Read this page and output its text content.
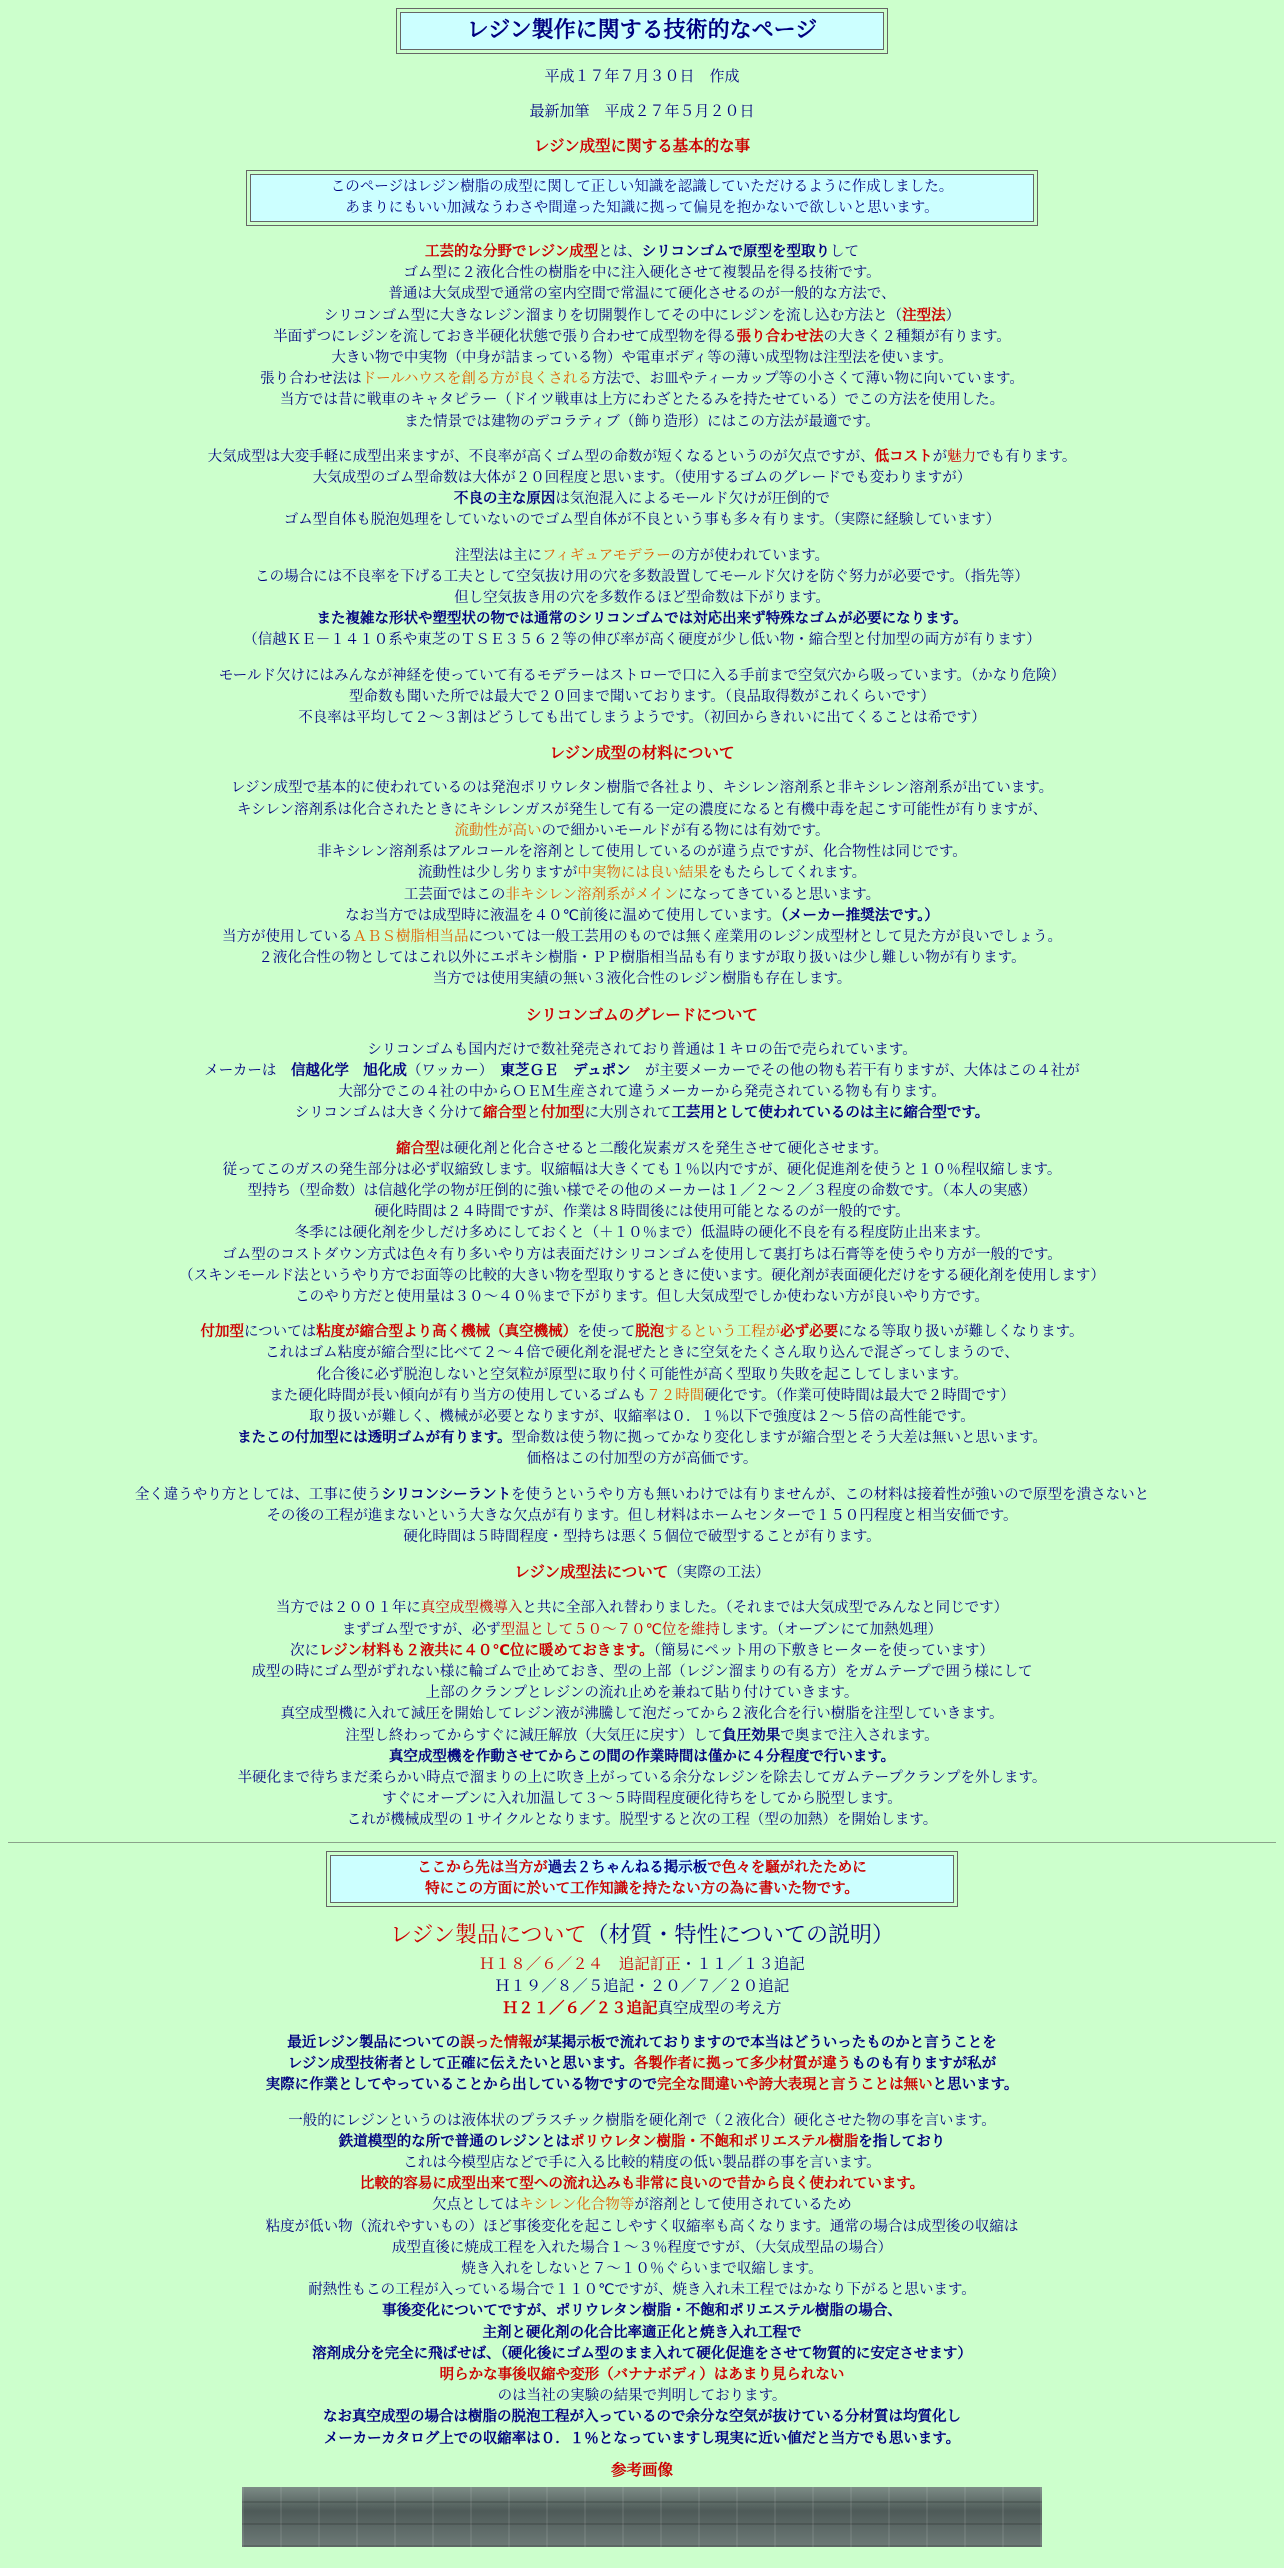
レジン製作に関する技術的なページ
平成１７年７月３０日　作成
最新加筆　平成２７年５月２０日
レジン成型に関する基本的な事

このページはレジン樹脂の成型に関して正しい知識を認識していただけるように作成しました。

あまりにもいい加減なうわさや間違った知識に拠って偏見を抱かないで欲しいと思います。

工芸的な分野でレジン成型とは、シリコンゴムで原型を型取りして

ゴム型に２液化合性の樹脂を中に注入硬化させて複製品を得る技術です。

普通は大気成型で通常の室内空間で常温にて硬化させるのが一般的な方法で、

シリコンゴム型に大きなレジン溜まりを切開製作してその中にレジンを流し込む方法と（注型法）

半面ずつにレジンを流しておき半硬化状態で張り合わせて成型物を得る張り合わせ法の大きく２種類が有ります。

大きい物で中実物（中身が詰まっている物）や電車ボディ等の薄い成型物は注型法を使います。

張り合わせ法はドールハウスを創る方が良くされる方法で、お皿やティーカップ等の小さくて薄い物に向いています。

当方では昔に戦車のキャタピラー（ドイツ戦車は上方にわざとたるみを持たせている）でこの方法を使用した。

また情景では建物のデコラティブ（飾り造形）にはこの方法が最適です。

大気成型は大変手軽に成型出来ますが、不良率が高くゴム型の命数が短くなるというのが欠点ですが、低コストが魅力でも有ります。

大気成型のゴム型命数は大体が２０回程度と思います。（使用するゴムのグレードでも変わりますが）

不良の主な原因は気泡混入によるモールド欠けが圧倒的で

ゴム型自体も脱泡処理をしていないのでゴム型自体が不良という事も多々有ります。（実際に経験しています）

注型法は主にフィギュアモデラーの方が使われています。

この場合には不良率を下げる工夫として空気抜け用の穴を多数設置してモールド欠けを防ぐ努力が必要です。（指先等）

但し空気抜き用の穴を多数作るほど型命数は下がります。

また複雑な形状や塑型状の物では通常のシリコンゴムでは対応出来ず特殊なゴムが必要になります。

（信越ＫＥ－１４１０系や東芝のＴＳＥ３５６２等の伸び率が高く硬度が少し低い物・縮合型と付加型の両方が有ります）

モールド欠けにはみんなが神経を使っていて有るモデラーはストローで口に入る手前まで空気穴から吸っています。（かなり危険）

型命数も聞いた所では最大で２０回まで聞いております。（良品取得数がこれくらいです）

不良率は平均して２～３割はどうしても出てしまうようです。（初回からきれいに出てくることは希です）

レジン成型の材料について

レジン成型で基本的に使われているのは発泡ポリウレタン樹脂で各社より、キシレン溶剤系と非キシレン溶剤系が出ています。

キシレン溶剤系は化合されたときにキシレンガスが発生して有る一定の濃度になると有機中毒を起こす可能性が有りますが、

流動性が高いので細かいモールドが有る物には有効です。

非キシレン溶剤系はアルコールを溶剤として使用しているのが違う点ですが、化合物性は同じです。

流動性は少し劣りますが中実物には良い結果をもたらしてくれます。

工芸面ではこの非キシレン溶剤系がメインになってきていると思います。

なお当方では成型時に液温を４０℃前後に温めて使用しています。（メーカー推奨法です。）

当方が使用しているＡＢＳ樹脂相当品については一般工芸用のものでは無く産業用のレジン成型材として見た方が良いでしょう。

２液化合性の物としてはこれ以外にエポキシ樹脂・ＰＰ樹脂相当品も有りますが取り扱いは少し難しい物が有ります。

当方では使用実績の無い３液化合性のレジン樹脂も存在します。

シリコンゴムのグレードについて

シリコンゴムも国内だけで数社発売されており普通は１キロの缶で売られています。

メーカーは　信越化学　旭化成（ワッカー）　東芝ＧＥ　デュポン　が主要メーカーでその他の物も若干有りますが、大体はこの４社が

大部分でこの４社の中からＯＥＭ生産されて違うメーカーから発売されている物も有ります。

シリコンゴムは大きく分けて縮合型と付加型に大別されて工芸用として使われているのは主に縮合型です。

縮合型は硬化剤と化合させると二酸化炭素ガスを発生させて硬化させます。

従ってこのガスの発生部分は必ず収縮致します。収縮幅は大きくても１％以内ですが、硬化促進剤を使うと１０％程収縮します。

型持ち（型命数）は信越化学の物が圧倒的に強い様でその他のメーカーは１／２～２／３程度の命数です。（本人の実感）

硬化時間は２４時間ですが、作業は８時間後には使用可能となるのが一般的です。

冬季には硬化剤を少しだけ多めにしておくと（＋１０％まで）低温時の硬化不良を有る程度防止出来ます。

ゴム型のコストダウン方式は色々有り多いやり方は表面だけシリコンゴムを使用して裏打ちは石膏等を使うやり方が一般的です。

（スキンモールド法というやり方でお面等の比較的大きい物を型取りするときに使います。硬化剤が表面硬化だけをする硬化剤を使用します）

このやり方だと使用量は３０～４０％まで下がります。但し大気成型でしか使わない方が良いやり方です。

付加型については粘度が縮合型より高く機械（真空機械）を使って脱泡するという工程が必ず必要になる等取り扱いが難しくなります。

これはゴム粘度が縮合型に比べて２～４倍で硬化剤を混ぜたときに空気をたくさん取り込んで混ざってしまうので、

化合後に必ず脱泡しないと空気粒が原型に取り付く可能性が高く型取り失敗を起こしてしまいます。

また硬化時間が長い傾向が有り当方の使用しているゴムも７２時間硬化です。（作業可使時間は最大で２時間です）

取り扱いが難しく、機械が必要となりますが、収縮率は０．１％以下で強度は２～５倍の高性能です。

またこの付加型には透明ゴムが有ります。型命数は使う物に拠ってかなり変化しますが縮合型とそう大差は無いと思います。

価格はこの付加型の方が高価です。

全く違うやり方としては、工事に使うシリコンシーラントを使うというやり方も無いわけでは有りませんが、この材料は接着性が強いので原型を潰さないと

その後の工程が進まないという大きな欠点が有ります。但し材料はホームセンターで１５０円程度と相当安価です。

硬化時間は５時間程度・型持ちは悪く５個位で破型することが有ります。

レジン成型法について（実際の工法）

当方では２００１年に真空成型機導入と共に全部入れ替わりました。（それまでは大気成型でみんなと同じです）

まずゴム型ですが、必ず型温として５０～７０℃位を維持します。（オーブンにて加熱処理）

次にレジン材料も２液共に４０℃位に暖めておきます。（簡易にペット用の下敷きヒーターを使っています）

成型の時にゴム型がずれない様に輪ゴムで止めておき、型の上部（レジン溜まりの有る方）をガムテープで囲う様にして

上部のクランプとレジンの流れ止めを兼ねて貼り付けていきます。

真空成型機に入れて減圧を開始してレジン液が沸騰して泡だってから２液化合を行い樹脂を注型していきます。

注型し終わってからすぐに減圧解放（大気圧に戻す）して負圧効果で奥まで注入されます。

真空成型機を作動させてからこの間の作業時間は僅かに４分程度で行います。

半硬化まで待ちまだ柔らかい時点で溜まりの上に吹き上がっている余分なレジンを除去してガムテープクランプを外します。

すぐにオーブンに入れ加温して３～５時間程度硬化待ちをしてから脱型します。

これが機械成型の１サイクルとなります。脱型すると次の工程（型の加熱）を開始します。

ここから先は当方が過去２ちゃんねる掲示板で色々を騒がれたために

特にこの方面に於いて工作知識を持たない方の為に書いた物です。

レジン製品について（材質・特性についての説明）

Ｈ１８／６／２４　追記訂正・１１／１３追記

Ｈ１９／８／５追記・２０／７／２０追記

Ｈ２１／６／２３追記真空成型の考え方

最近レジン製品についての誤った情報が某掲示板で流れておりますので本当はどういったものかと言うことを

レジン成型技術者として正確に伝えたいと思います。各製作者に拠って多少材質が違うものも有りますが私が

実際に作業としてやっていることから出している物ですので完全な間違いや誇大表現と言うことは無いと思います。

一般的にレジンというのは液体状のプラスチック樹脂を硬化剤で（２液化合）硬化させた物の事を言います。

鉄道模型的な所で普通のレジンとはポリウレタン樹脂・不飽和ポリエステル樹脂を指しており

これは今模型店などで手に入る比較的精度の低い製品群の事を言います。

比較的容易に成型出来て型への流れ込みも非常に良いので昔から良く使われています。

欠点としてはキシレン化合物等が溶剤として使用されているため

粘度が低い物（流れやすいもの）ほど事後変化を起こしやすく収縮率も高くなります。通常の場合は成型後の収縮は

成型直後に焼成工程を入れた場合１～３％程度ですが、（大気成型品の場合）

焼き入れをしないと７～１０％ぐらいまで収縮します。

耐熱性もこの工程が入っている場合で１１０℃ですが、焼き入れ未工程ではかなり下がると思います。

事後変化についてですが、ポリウレタン樹脂・不飽和ポリエステル樹脂の場合、

主剤と硬化剤の化合比率適正化と焼き入れ工程で

溶剤成分を完全に飛ばせば、（硬化後にゴム型のまま入れて硬化促進をさせて物質的に安定させます）

明らかな事後収縮や変形（バナナボディ）はあまり見られない

のは当社の実験の結果で判明しております。

なお真空成型の場合は樹脂の脱泡工程が入っているので余分な空気が抜けている分材質は均質化し

メーカーカタログ上での収縮率は０．１％となっていますし現実に近い値だと当方でも思います。

参考画像
